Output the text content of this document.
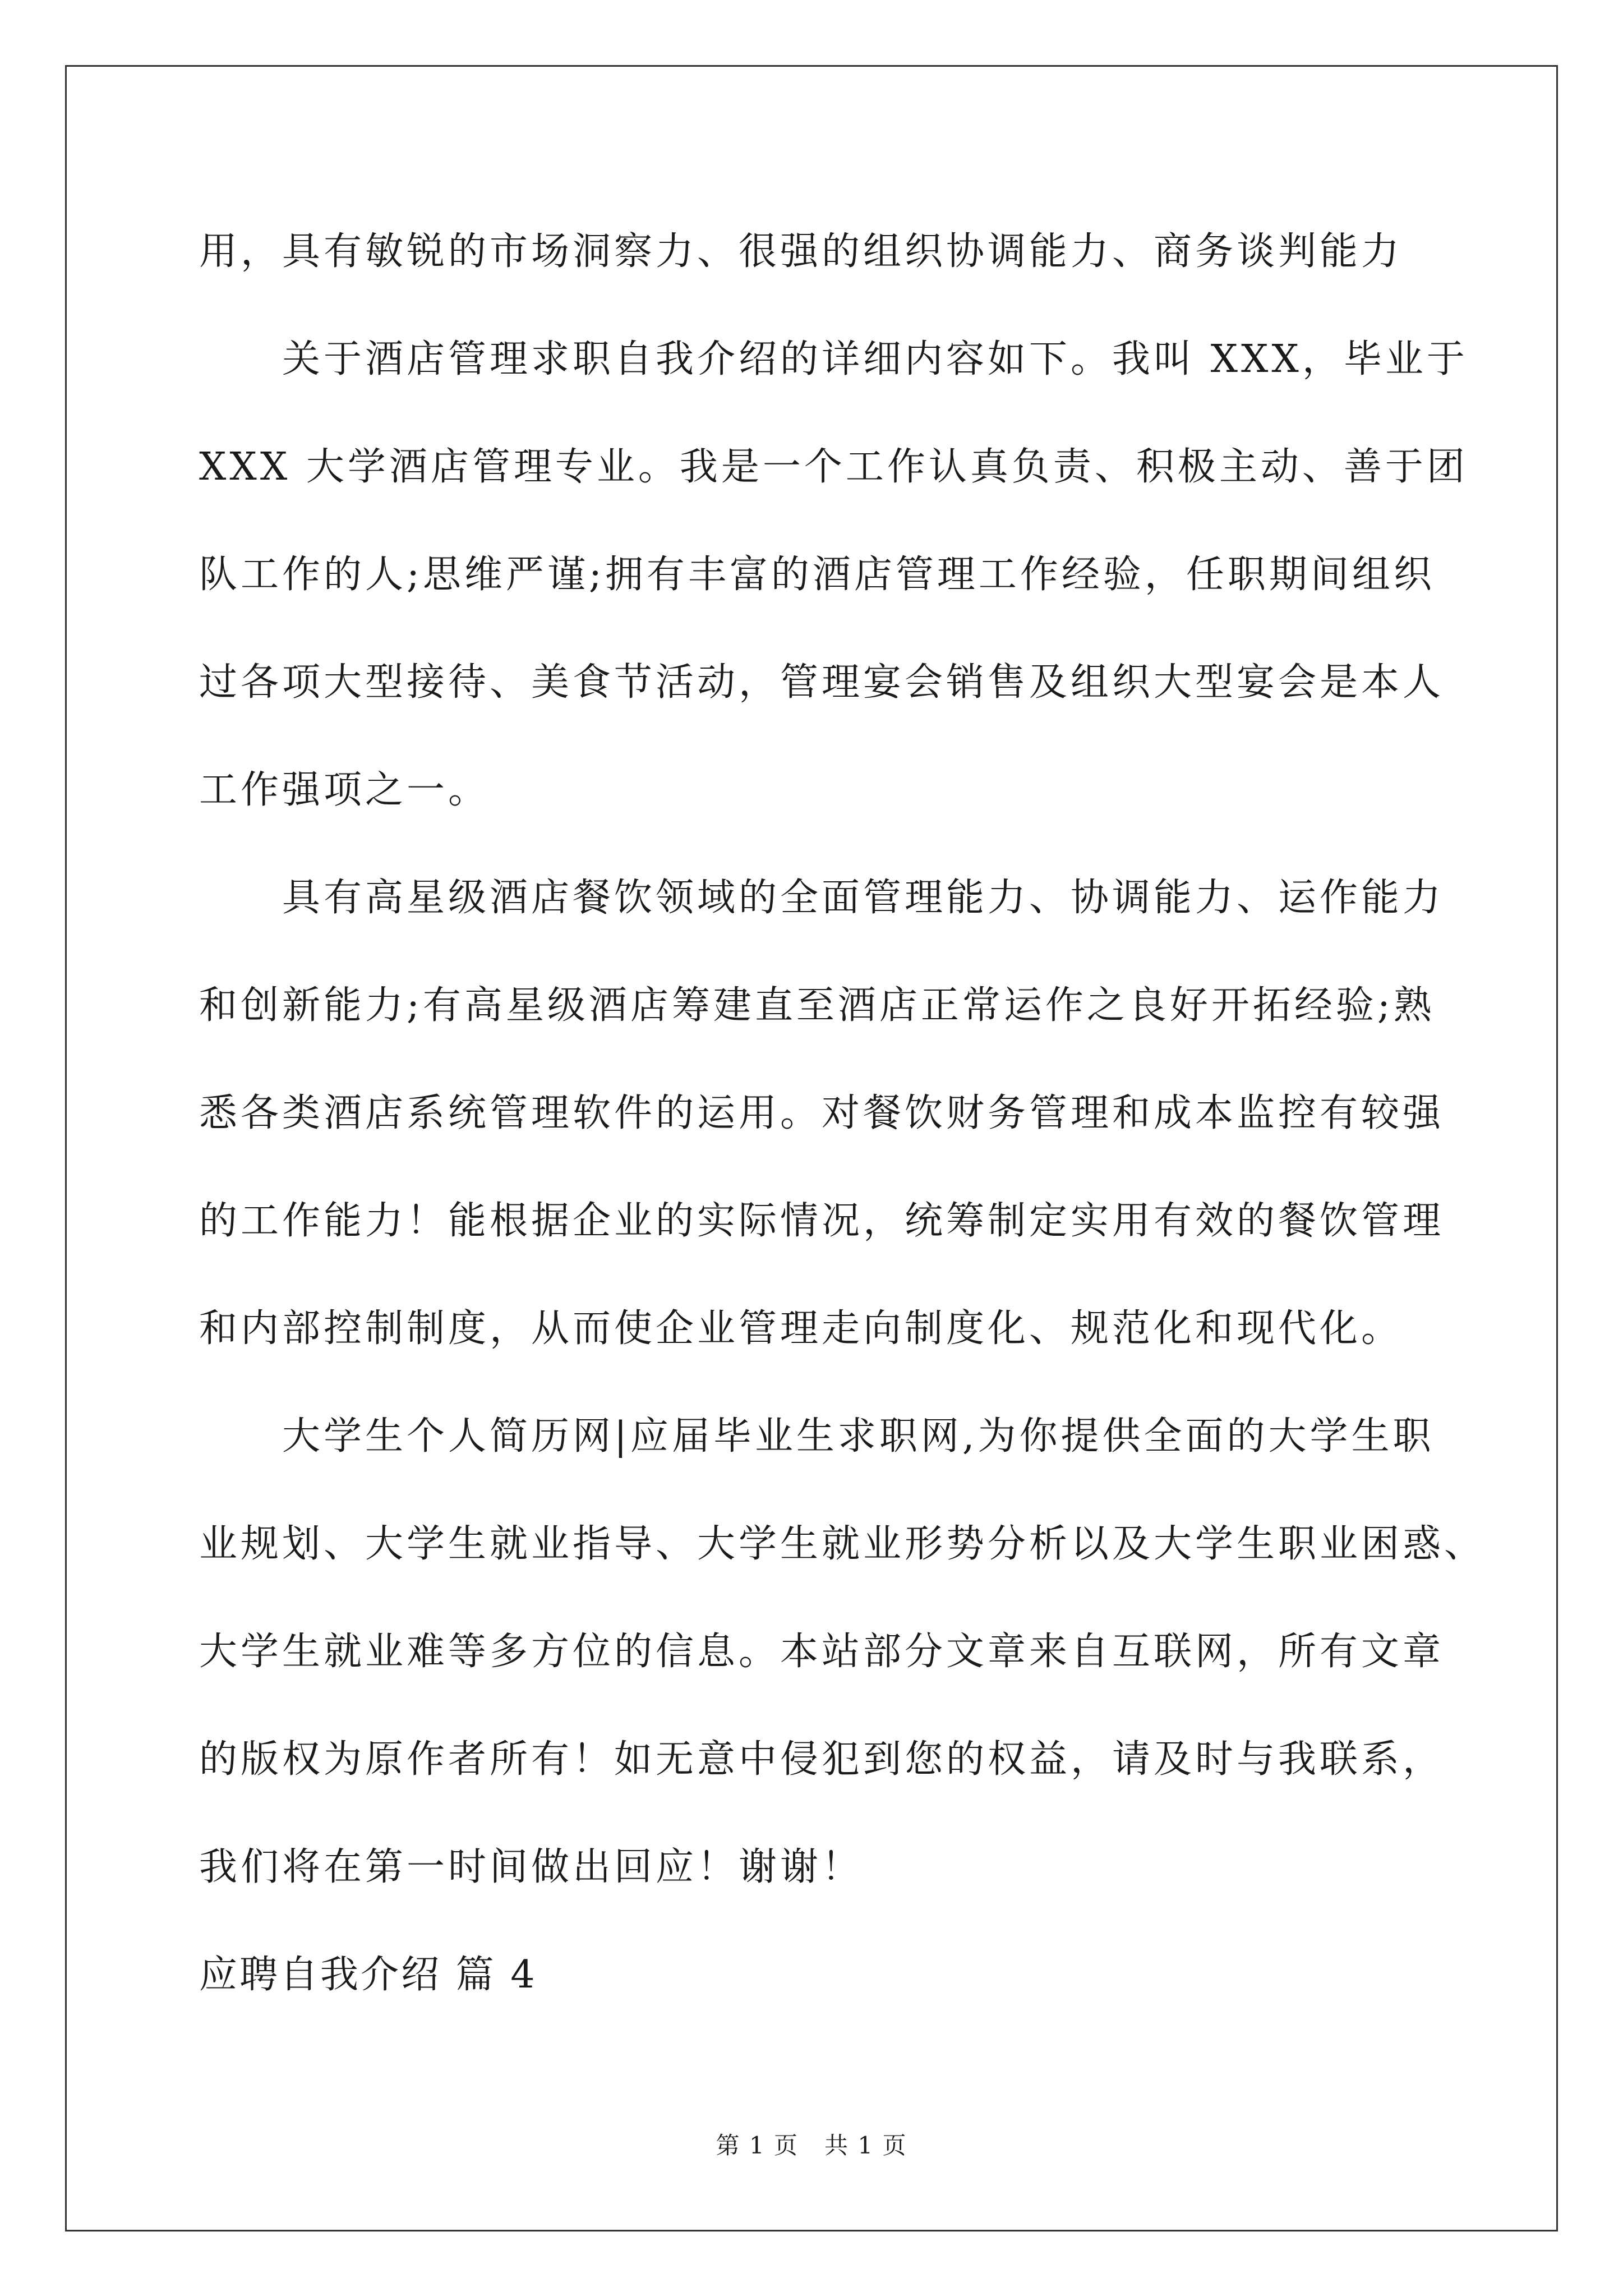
用，具有敏锐的市场洞察力、很强的组织协调能力、商务谈判能力
关于酒店管理求职自我介绍的详细内容如下。我叫 XXX，毕业于
XXX 大学酒店管理专业。我是一个工作认真负责、积极主动、善于团
队工作的人;思维严谨;拥有丰富的酒店管理工作经验，任职期间组织
过各项大型接待、美食节活动，管理宴会销售及组织大型宴会是本人
工作强项之一。
具有高星级酒店餐饮领域的全面管理能力、协调能力、运作能力
和创新能力;有高星级酒店筹建直至酒店正常运作之良好开拓经验;熟
悉各类酒店系统管理软件的运用。对餐饮财务管理和成本监控有较强
的工作能力！能根据企业的实际情况，统筹制定实用有效的餐饮管理
和内部控制制度，从而使企业管理走向制度化、规范化和现代化。
大学生个人简历网|应届毕业生求职网,为你提供全面的大学生职
业规划、大学生就业指导、大学生就业形势分析以及大学生职业困惑、
大学生就业难等多方位的信息。本站部分文章来自互联网，所有文章
的版权为原作者所有！如无意中侵犯到您的权益，请及时与我联系，
我们将在第一时间做出回应！谢谢！
应聘自我介绍 篇 4
第 1 页   共 1 页
